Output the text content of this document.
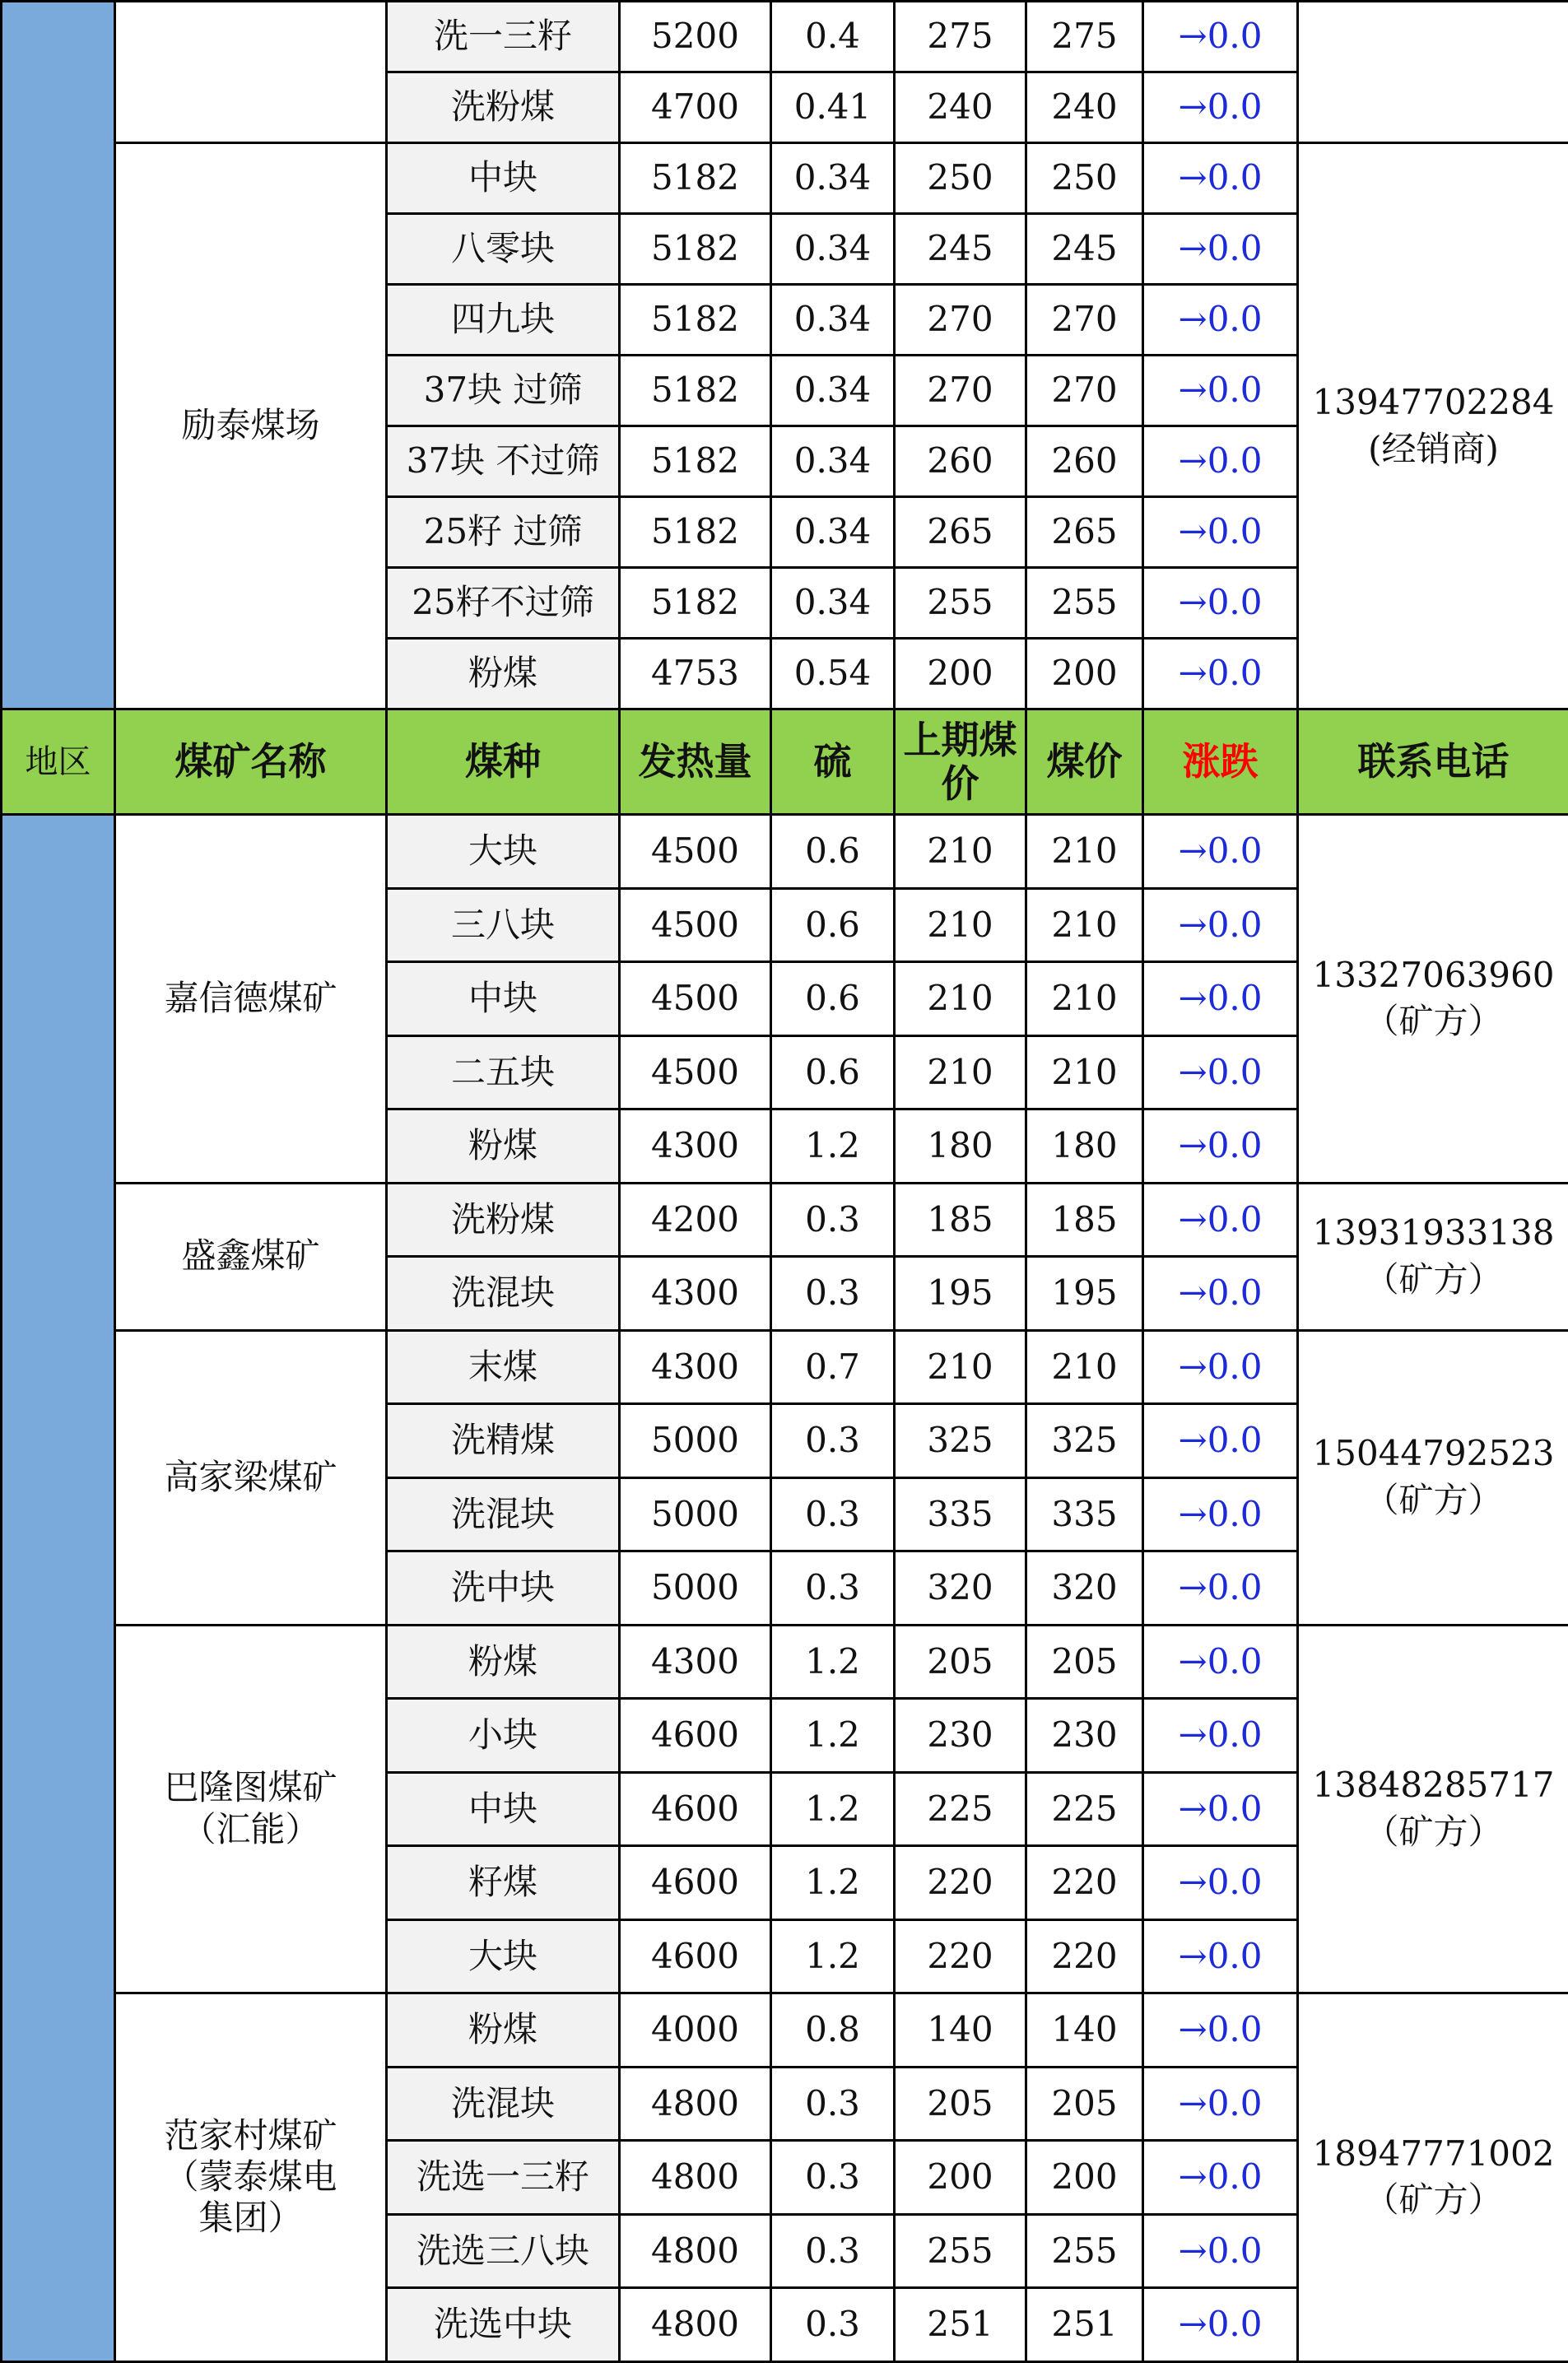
		洗一三籽	5200	0.4	275	275	→0.0	
		洗粉煤	4700	0.41	240	240	→0.0	
	励泰煤场	中块	5182	0.34	250	250	→0.0	13947702284
(经销商)

		八零块	5182	0.34	245	245	→0.0	
		四九块	5182	0.34	270	270	→0.0	
		37块 过筛	5182	0.34	270	270	→0.0	
		37块 不过筛	5182	0.34	260	260	→0.0	
		25籽 过筛	5182	0.34	265	265	→0.0	
		25籽不过筛	5182	0.34	255	255	→0.0	
		粉煤	4753	0.54	200	200	→0.0	
地区	煤矿名称	煤种	发热量	硫	上期煤价	煤价	涨跌	联系电话
	嘉信德煤矿	大块	4500	0.6	210	210	→0.0	13327063960
（矿方）

		三八块	4500	0.6	210	210	→0.0	
		中块	4500	0.6	210	210	→0.0	
		二五块	4500	0.6	210	210	→0.0	
		粉煤	4300	1.2	180	180	→0.0	
	盛鑫煤矿	洗粉煤	4200	0.3	185	185	→0.0	13931933138
（矿方）

		洗混块	4300	0.3	195	195	→0.0	
	高家梁煤矿	末煤	4300	0.7	210	210	→0.0	15044792523
（矿方）

		洗精煤	5000	0.3	325	325	→0.0	
		洗混块	5000	0.3	335	335	→0.0	
		洗中块	5000	0.3	320	320	→0.0	
	巴隆图煤矿（汇能）	粉煤	4300	1.2	205	205	→0.0	13848285717
（矿方）

		小块	4600	1.2	230	230	→0.0	
		中块	4600	1.2	225	225	→0.0	
		籽煤	4600	1.2	220	220	→0.0	
		大块	4600	1.2	220	220	→0.0	
	范家村煤矿（蒙泰煤电集团）	粉煤	4000	0.8	140	140	→0.0	18947771002
（矿方）

		洗混块	4800	0.3	205	205	→0.0	
		洗选一三籽	4800	0.3	200	200	→0.0	
		洗选三八块	4800	0.3	255	255	→0.0	
		洗选中块	4800	0.3	251	251	→0.0	
